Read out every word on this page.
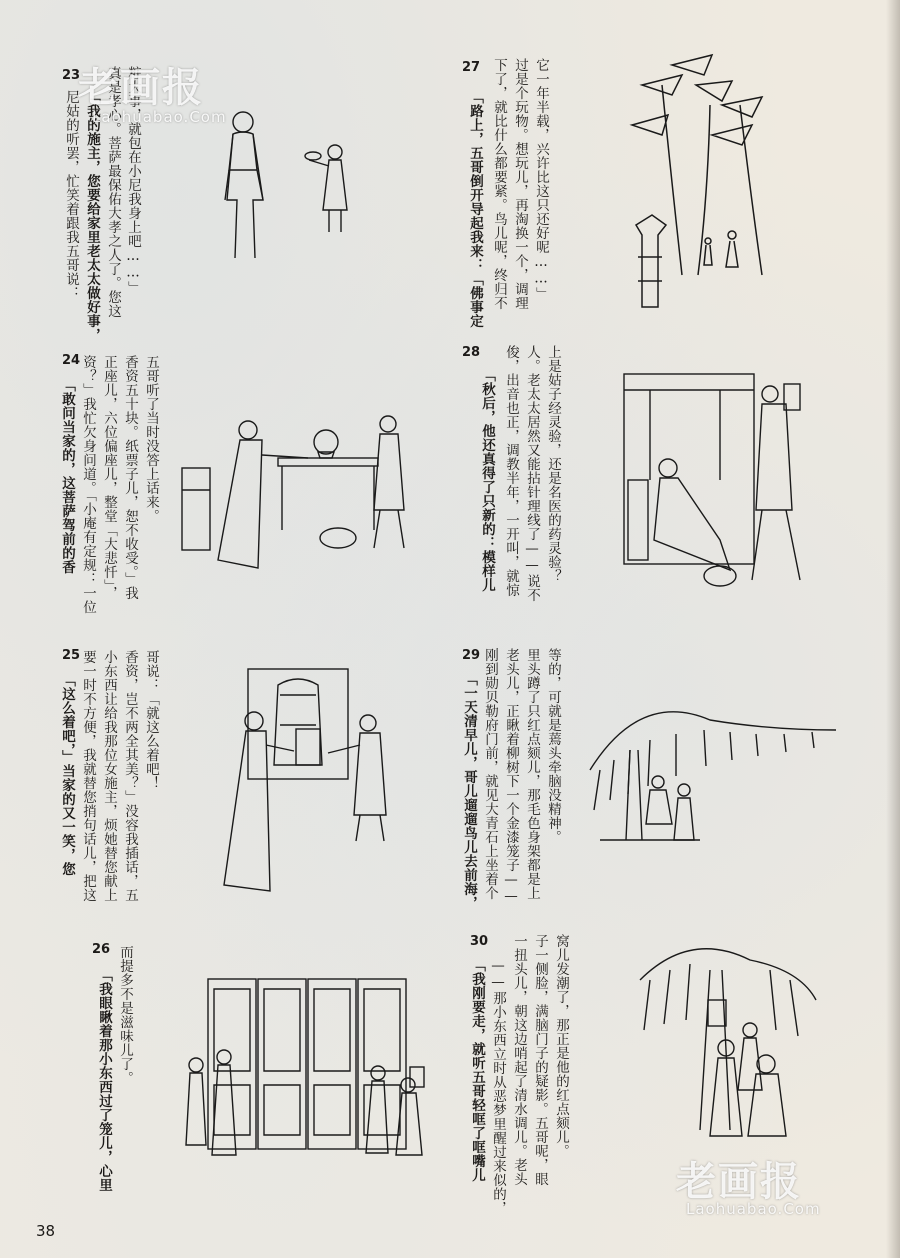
23	粧大事，就包在小尼我身上吧……」
真是孝心。菩萨最保佑大孝之人了。您这
「我的施主，您要给家里老太太做好事，
尼姑的听罢，忙笑着跟我五哥说：
24	五哥听了当时没答上话来。
香资五十块。纸票子儿，恕不收受。」我
正座儿，六位偏座儿，整堂「大悲忏」，
资？」我忙欠身问道。「小庵有定规：一位
「敢问当家的，这菩萨驾前的香
25	哥说：「就这么着吧！
香资，岂不两全其美？」没容我插话，五
小东西让给我那位女施主，烦她替您献上
要一时不方便，我就替您捎句话儿，把这
「这么着吧，」当家的又一笑，您
26 而提多不是滋味儿了。
「我眼瞅着那小东西过了笼儿，心里
27	它一年半载，兴许比这只还好呢……」
过是个玩物。想玩儿，再淘换一个，调理
下了，就比什么都要紧。鸟儿呢，终归不
「路上，五哥倒开导起我来：「佛事定
28	上是姑子经灵验，还是名医的药灵验？
人。老太太居然又能拈针理线了——说不
俊，出音也正，调教半年，一开叫，就惊
「秋后，他还真得了只新的：模样儿
29	等的，可就是蔫头牵脑没精神。
里头蹲了只红点颏儿，那毛色身架都是上
老头儿，正瞅着柳树下一个金漆笼子——
刚到勋贝勒府门前，就见大青石上坐着个
「一天清早儿，哥儿遛遛鸟儿去前海，
30	窝儿发潮了，那正是他的红点颏儿。
子一侧脸，满脑门子的疑影。五哥呢，眼
一扭头儿，朝这边哨起了清水调儿。老头
——那小东西立时从恶梦里醒过来似的，
「我刚要走，就听五哥轻哐了哐嘴儿
老画报
Laohuabao.Com
老画报
Laohuabao.Com
38
